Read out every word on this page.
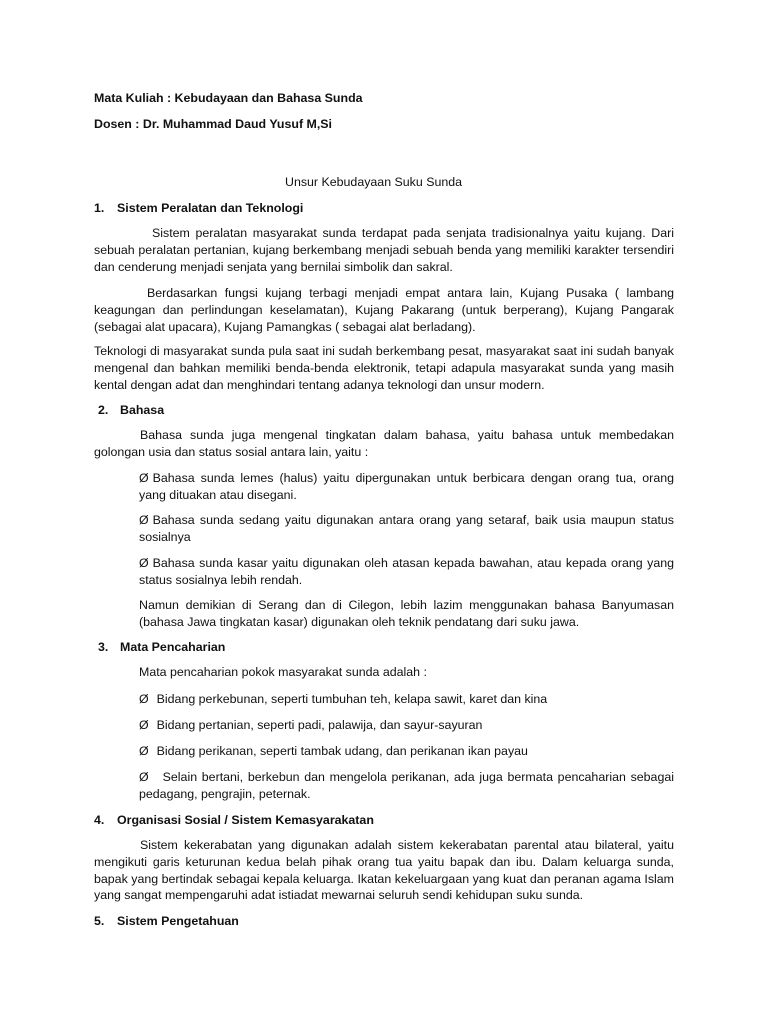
Mata Kuliah : Kebudayaan dan Bahasa Sunda
Dosen : Dr. Muhammad Daud Yusuf M,Si
Unsur Kebudayaan Suku Sunda
1. Sistem Peralatan dan Teknologi
Sistem peralatan masyarakat sunda terdapat pada senjata tradisionalnya yaitu kujang. Dari sebuah peralatan pertanian, kujang berkembang menjadi sebuah benda yang memiliki karakter tersendiri dan cenderung menjadi senjata yang bernilai simbolik dan sakral.
Berdasarkan fungsi kujang terbagi menjadi empat antara lain, Kujang Pusaka ( lambang keagungan dan perlindungan keselamatan), Kujang Pakarang (untuk berperang), Kujang Pangarak (sebagai alat upacara), Kujang Pamangkas ( sebagai alat berladang).
Teknologi di masyarakat sunda pula saat ini sudah berkembang pesat, masyarakat saat ini sudah banyak mengenal dan bahkan memiliki benda-benda elektronik, tetapi adapula masyarakat sunda yang masih kental dengan adat dan menghindari tentang adanya teknologi dan unsur modern.
2. Bahasa
Bahasa sunda juga mengenal tingkatan dalam bahasa, yaitu bahasa untuk membedakan golongan usia dan status sosial antara lain, yaitu :
Ø Bahasa sunda lemes (halus) yaitu dipergunakan untuk berbicara dengan orang tua, orang yang dituakan atau disegani.
Ø Bahasa sunda sedang yaitu digunakan antara orang yang setaraf, baik usia maupun status sosialnya
Ø Bahasa sunda kasar yaitu digunakan oleh atasan kepada bawahan, atau kepada orang yang status sosialnya lebih rendah.
Namun demikian di Serang dan di Cilegon, lebih lazim menggunakan bahasa Banyumasan (bahasa Jawa tingkatan kasar) digunakan oleh teknik pendatang dari suku jawa.
3. Mata Pencaharian
Mata pencaharian pokok masyarakat sunda adalah :
Ø Bidang perkebunan, seperti tumbuhan teh, kelapa sawit, karet dan kina
Ø Bidang pertanian, seperti padi, palawija, dan sayur-sayuran
Ø Bidang perikanan, seperti tambak udang, dan perikanan ikan payau
Ø Selain bertani, berkebun dan mengelola perikanan, ada juga bermata pencaharian sebagai pedagang, pengrajin, peternak.
4. Organisasi Sosial / Sistem Kemasyarakatan
Sistem kekerabatan yang digunakan adalah sistem kekerabatan parental atau bilateral, yaitu mengikuti garis keturunan kedua belah pihak orang tua yaitu bapak dan ibu. Dalam keluarga sunda, bapak yang bertindak sebagai kepala keluarga. Ikatan kekeluargaan yang kuat dan peranan agama Islam yang sangat mempengaruhi adat istiadat mewarnai seluruh sendi kehidupan suku sunda.
5. Sistem Pengetahuan
